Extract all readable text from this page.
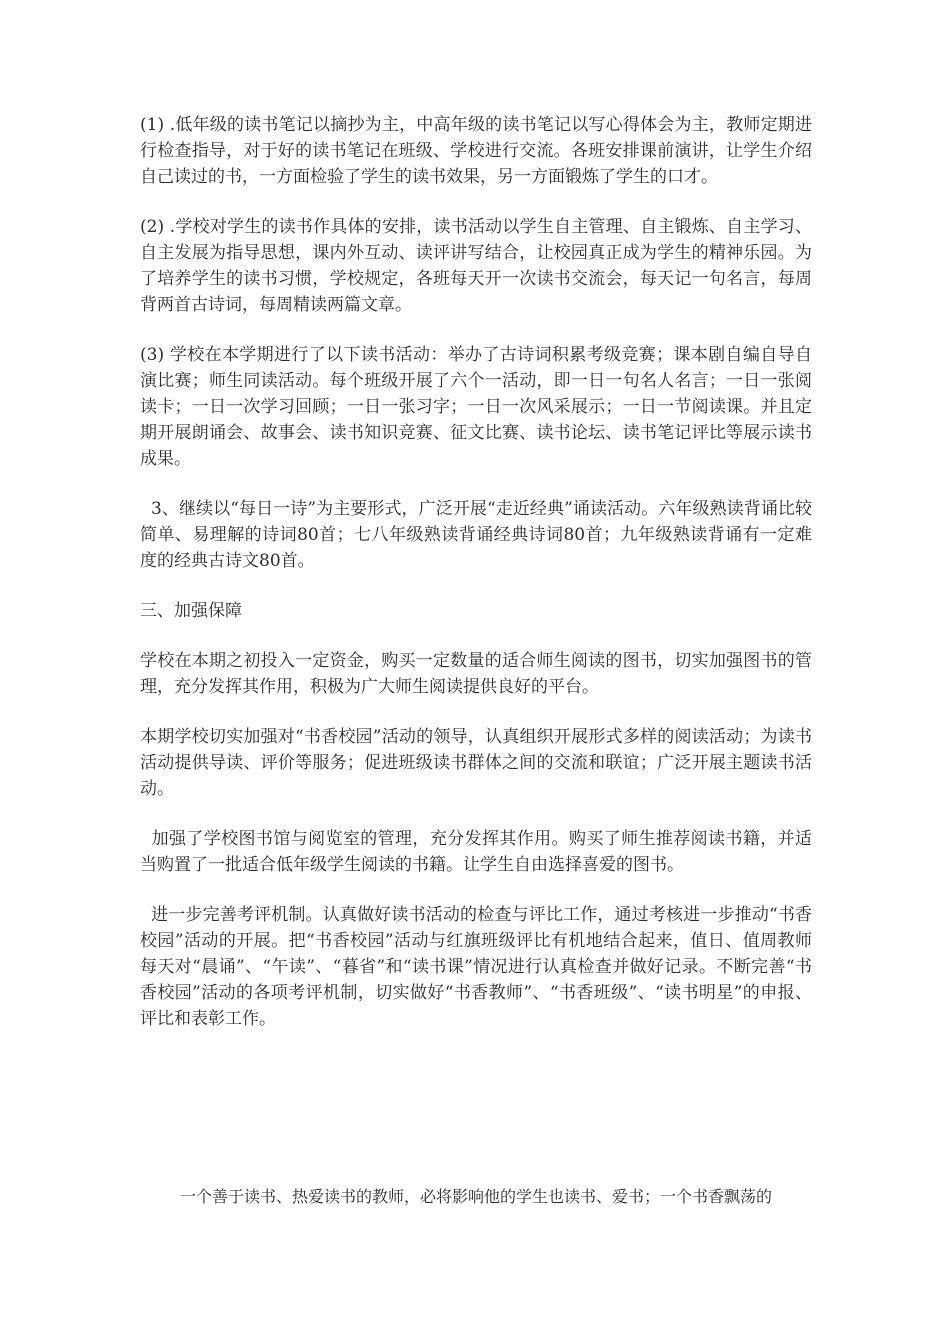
(1) .低年级的读书笔记以摘抄为主，中高年级的读书笔记以写心得体会为主，教师定期进行检查指导，对于好的读书笔记在班级、学校进行交流。各班安排课前演讲，让学生介绍自己读过的书，一方面检验了学生的读书效果，另一方面锻炼了学生的口才。

(2) .学校对学生的读书作具体的安排，读书活动以学生自主管理、自主锻炼、自主学习、自主发展为指导思想，课内外互动、读评讲写结合，让校园真正成为学生的精神乐园。为了培养学生的读书习惯，学校规定，各班每天开一次读书交流会，每天记一句名言，每周背两首古诗词，每周精读两篇文章。

(3) 学校在本学期进行了以下读书活动：举办了古诗词积累考级竞赛；课本剧自编自导自演比赛；师生同读活动。每个班级开展了六个一活动，即一日一句名人名言；一日一张阅读卡；一日一次学习回顾；一日一张习字；一日一次风采展示；一日一节阅读课。并且定期开展朗诵会、故事会、读书知识竞赛、征文比赛、读书论坛、读书笔记评比等展示读书成果。

3、继续以“每日一诗”为主要形式，广泛开展“走近经典”诵读活动。六年级熟读背诵比较简单、易理解的诗词80首；七八年级熟读背诵经典诗词80首；九年级熟读背诵有一定难度的经典古诗文80首。

三、加强保障

学校在本期之初投入一定资金，购买一定数量的适合师生阅读的图书，切实加强图书的管理，充分发挥其作用，积极为广大师生阅读提供良好的平台。

本期学校切实加强对“书香校园”活动的领导，认真组织开展形式多样的阅读活动；为读书活动提供导读、评价等服务；促进班级读书群体之间的交流和联谊；广泛开展主题读书活动。

加强了学校图书馆与阅览室的管理，充分发挥其作用。购买了师生推荐阅读书籍，并适当购置了一批适合低年级学生阅读的书籍。让学生自由选择喜爱的图书。

进一步完善考评机制。认真做好读书活动的检查与评比工作，通过考核进一步推动“书香校园”活动的开展。把“书香校园”活动与红旗班级评比有机地结合起来，值日、值周教师每天对“晨诵”、“午读”、“暮省”和“读书课”情况进行认真检查并做好记录。不断完善“书香校园”活动的各项考评机制，切实做好“书香教师”、“书香班级”、“读书明星”的申报、评比和表彰工作。

一个善于读书、热爱读书的教师，必将影响他的学生也读书、爱书；一个书香飘荡的
